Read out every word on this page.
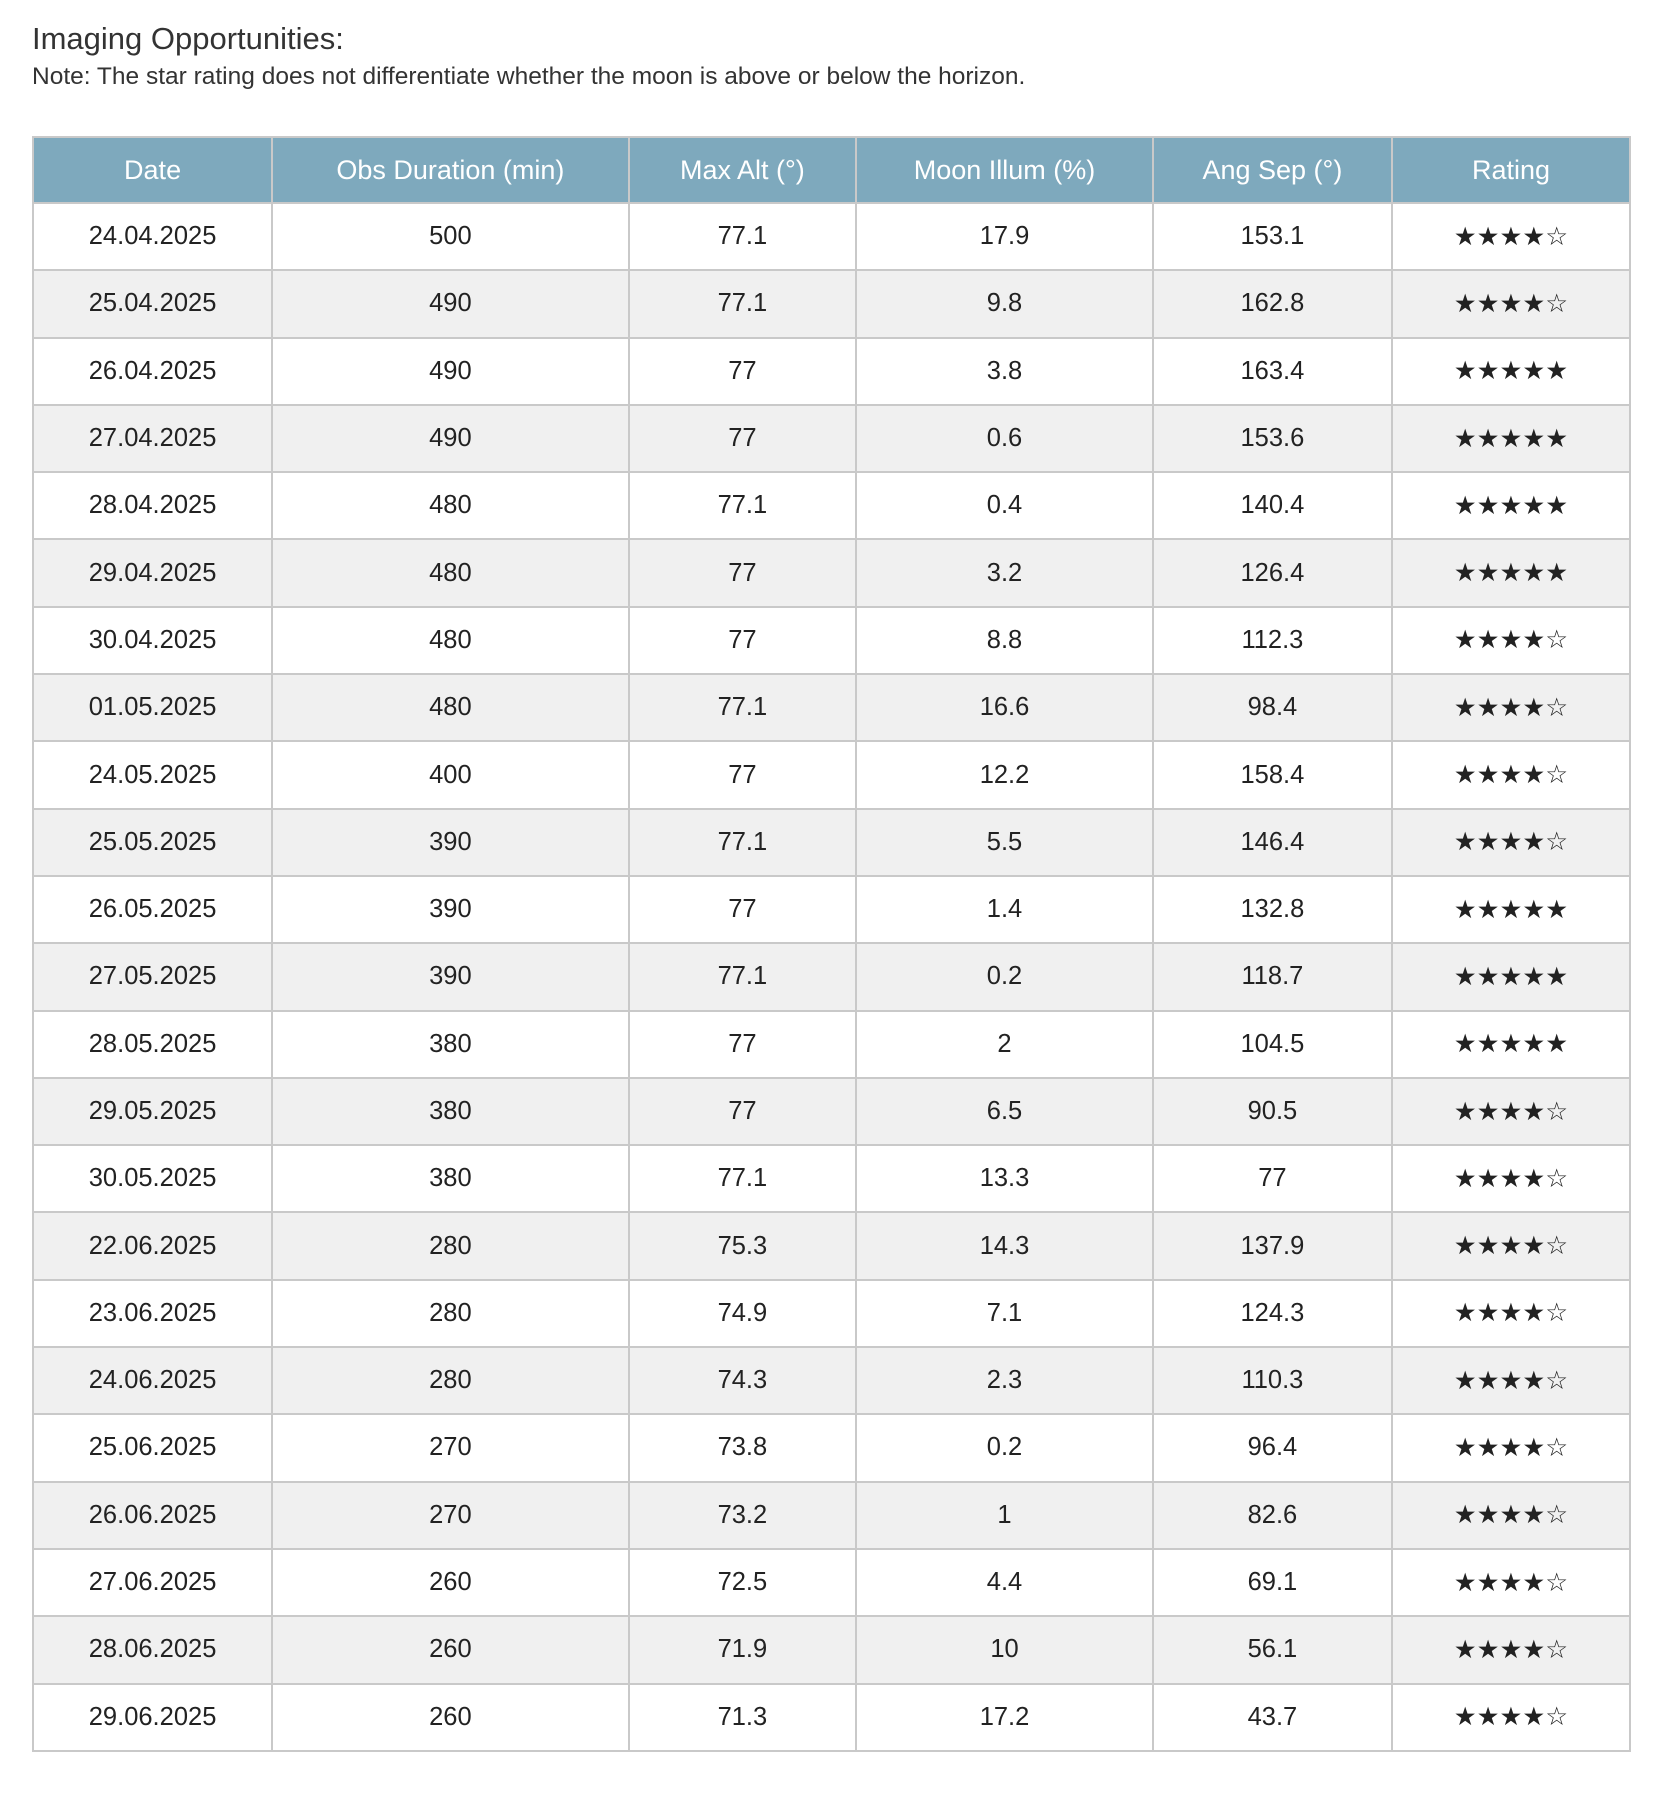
Imaging Opportunities:

Note: The star rating does not differentiate whether the moon is above or below the horizon.

Date	Obs Duration (min)	Max Alt (°)	Moon Illum (%)	Ang Sep (°)	Rating
24.04.2025	500	77.1	17.9	153.1	★★★★☆
25.04.2025	490	77.1	9.8	162.8	★★★★☆
26.04.2025	490	77	3.8	163.4	★★★★★
27.04.2025	490	77	0.6	153.6	★★★★★
28.04.2025	480	77.1	0.4	140.4	★★★★★
29.04.2025	480	77	3.2	126.4	★★★★★
30.04.2025	480	77	8.8	112.3	★★★★☆
01.05.2025	480	77.1	16.6	98.4	★★★★☆
24.05.2025	400	77	12.2	158.4	★★★★☆
25.05.2025	390	77.1	5.5	146.4	★★★★☆
26.05.2025	390	77	1.4	132.8	★★★★★
27.05.2025	390	77.1	0.2	118.7	★★★★★
28.05.2025	380	77	2	104.5	★★★★★
29.05.2025	380	77	6.5	90.5	★★★★☆
30.05.2025	380	77.1	13.3	77	★★★★☆
22.06.2025	280	75.3	14.3	137.9	★★★★☆
23.06.2025	280	74.9	7.1	124.3	★★★★☆
24.06.2025	280	74.3	2.3	110.3	★★★★☆
25.06.2025	270	73.8	0.2	96.4	★★★★☆
26.06.2025	270	73.2	1	82.6	★★★★☆
27.06.2025	260	72.5	4.4	69.1	★★★★☆
28.06.2025	260	71.9	10	56.1	★★★★☆
29.06.2025	260	71.3	17.2	43.7	★★★★☆
